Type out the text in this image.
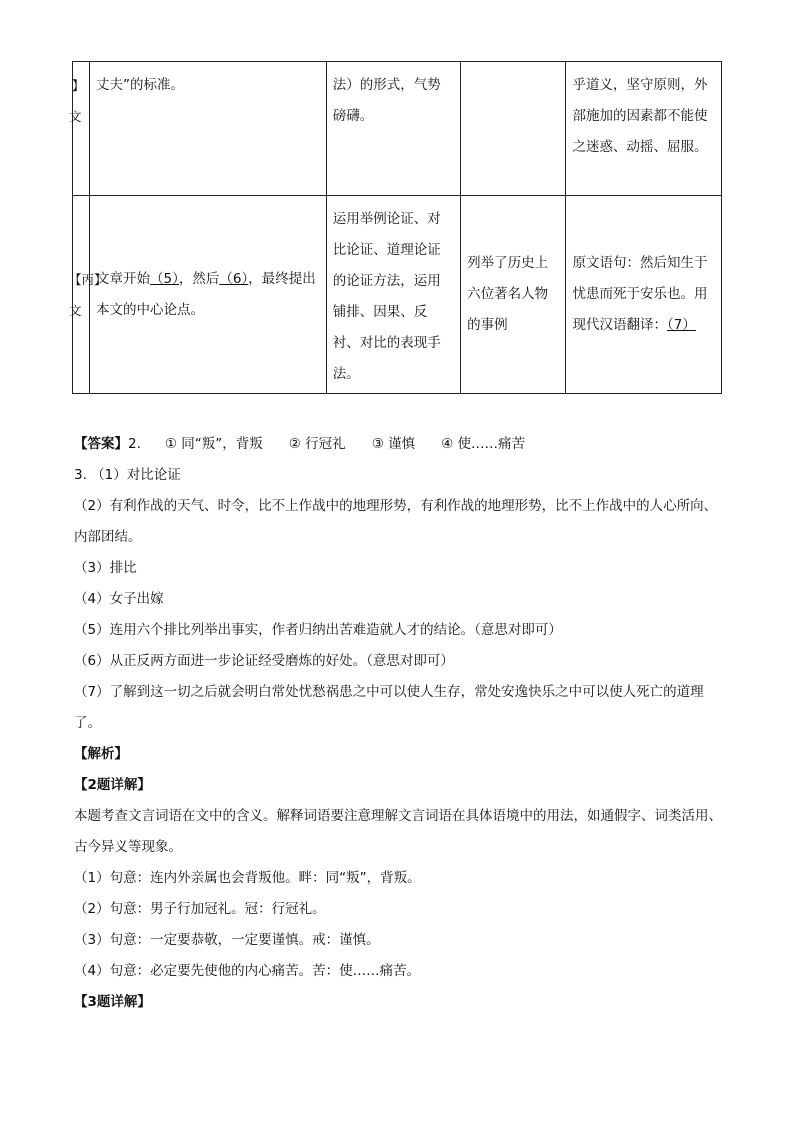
】文	丈夫”的标准。	法）的形式，气势磅礴。		乎道义，坚守原则，外部施加的因素都不能使之迷惑、动摇、屈服。

【丙】文	文章开始（5），然后（6），最终提出本文的中心论点。	运用举例论证、对比论证、道理论证的论证方法，运用铺排、因果、反衬、对比的表现手法。	列举了历史上六位著名人物的事例	原文语句：然后知生于忧患而死于安乐也。用现代汉语翻译：（7）

【答案】2. ① 同“叛”，背叛 ② 行冠礼 ③ 谨慎 ④ 使……痛苦

3. （1）对比论证

（2）有利作战的天气、时令，比不上作战中的地理形势，有利作战的地理形势，比不上作战中的人心所向、内部团结。

（3）排比

（4）女子出嫁

（5）连用六个排比列举出事实，作者归纳出苦难造就人才的结论。（意思对即可）

（6）从正反两方面进一步论证经受磨炼的好处。（意思对即可）

（7）了解到这一切之后就会明白常处忧愁祸患之中可以使人生存，常处安逸快乐之中可以使人死亡的道理了。

【解析】

【2题详解】

本题考查文言词语在文中的含义。解释词语要注意理解文言词语在具体语境中的用法，如通假字、词类活用、古今异义等现象。

（1）句意：连内外亲属也会背叛他。畔：同“叛”，背叛。

（2）句意：男子行加冠礼。冠：行冠礼。

（3）句意：一定要恭敬，一定要谨慎。戒：谨慎。

（4）句意：必定要先使他的内心痛苦。苦：使……痛苦。

【3题详解】
